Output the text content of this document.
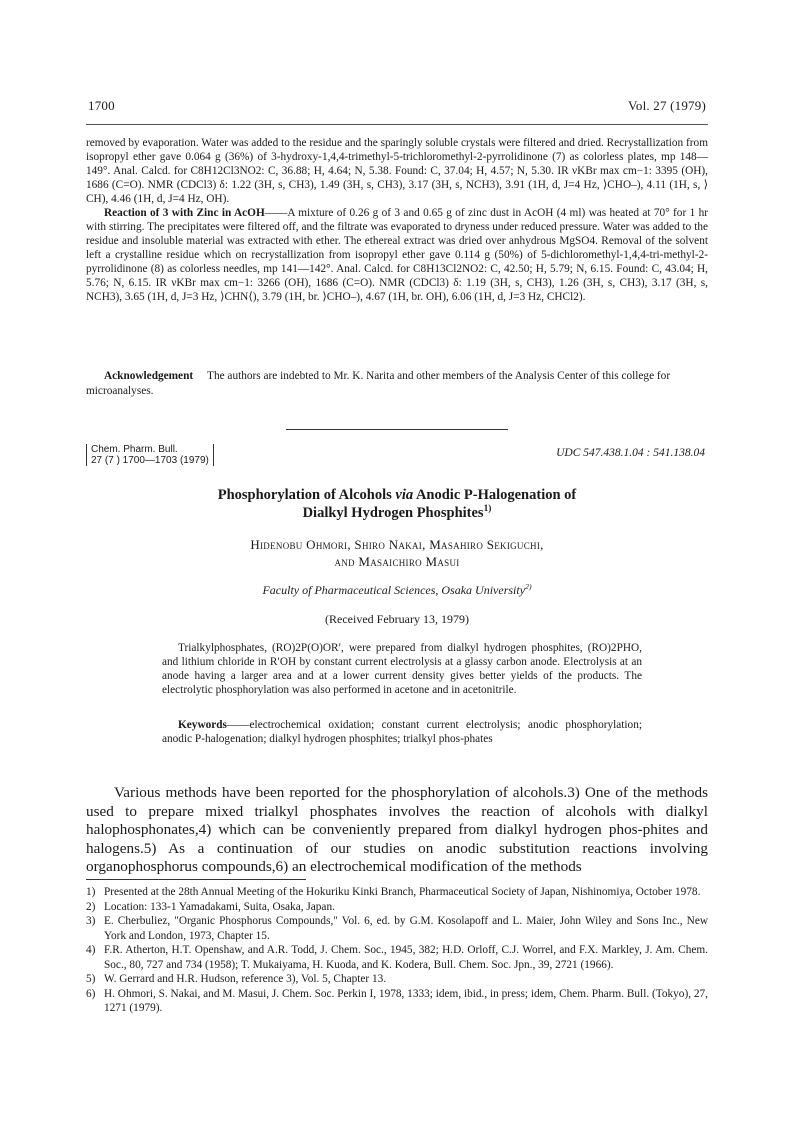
1700	Vol. 27 (1979)

removed by evaporation. Water was added to the residue and the sparingly soluble crystals were filtered and dried. Recrystallization from isopropyl ether gave 0.064 g (36%) of 3-hydroxy-1,4,4-trimethyl-5-trichloromethyl-2-pyrrolidinone (7) as colorless plates, mp 148—149°. Anal. Calcd. for C8H12Cl3NO2: C, 36.88; H, 4.64; N, 5.38. Found: C, 37.04; H, 4.57; N, 5.30. IR νKBr max cm−1: 3395 (OH), 1686 (C=O). NMR (CDCl3) δ: 1.22 (3H, s, CH3), 1.49 (3H, s, CH3), 3.17 (3H, s, NCH3), 3.91 (1H, d, J=4 Hz, ⟩CHO–), 4.11 (1H, s, ⟩CH), 4.46 (1H, d, J=4 Hz, OH).

Reaction of 3 with Zinc in AcOH——A mixture of 0.26 g of 3 and 0.65 g of zinc dust in AcOH (4 ml) was heated at 70° for 1 hr with stirring. The precipitates were filtered off, and the filtrate was evaporated to dryness under reduced pressure. Water was added to the residue and insoluble material was extracted with ether. The ethereal extract was dried over anhydrous MgSO4. Removal of the solvent left a crystalline residue which on recrystallization from isopropyl ether gave 0.114 g (50%) of 5-dichloromethyl-1,4,4-tri-methyl-2-pyrrolidinone (8) as colorless needles, mp 141—142°. Anal. Calcd. for C8H13Cl2NO2: C, 42.50; H, 5.79; N, 6.15. Found: C, 43.04; H, 5.76; N, 6.15. IR νKBr max cm−1: 3266 (OH), 1686 (C=O). NMR (CDCl3) δ: 1.19 (3H, s, CH3), 1.26 (3H, s, CH3), 3.17 (3H, s, NCH3), 3.65 (1H, d, J=3 Hz, ⟩CHN⟨), 3.79 (1H, br. ⟩CHO–), 4.67 (1H, br. OH), 6.06 (1H, d, J=3 Hz, CHCl2).

Acknowledgement The authors are indebted to Mr. K. Narita and other members of the Analysis Center of this college for microanalyses.

Chem. Pharm. Bull.
27 (7 ) 1700—1703 (1979)
UDC 547.438.1.04 : 541.138.04
Phosphorylation of Alcohols via Anodic P-Halogenation of
Dialkyl Hydrogen Phosphites$^{1)}$
Hidenobu Ohmori, Shiro Nakai, Masahiro Sekiguchi,
and Masaichiro Masui
Faculty of Pharmaceutical Sciences, Osaka University$^{2)}$
(Received February 13, 1979)

Trialkylphosphates, (RO)2P(O)OR′, were prepared from dialkyl hydrogen phosphites, (RO)2PHO, and lithium chloride in R′OH by constant current electrolysis at a glassy carbon anode. Electrolysis at an anode having a larger area and at a lower current density gives better yields of the products. The electrolytic phosphorylation was also performed in acetone and in acetonitrile.

Keywords——electrochemical oxidation; constant current electrolysis; anodic phosphorylation; anodic P-halogenation; dialkyl hydrogen phosphites; trialkyl phos-phates

Various methods have been reported for the phosphorylation of alcohols.3) One of the methods used to prepare mixed trialkyl phosphates involves the reaction of alcohols with dialkyl halophosphonates,4) which can be conveniently prepared from dialkyl hydrogen phos-phites and halogens.5) As a continuation of our studies on anodic substitution reactions involving organophosphorus compounds,6) an electrochemical modification of the methods

1) Presented at the 28th Annual Meeting of the Hokuriku Kinki Branch, Pharmaceutical Society of Japan, Nishinomiya, October 1978.
2) Location: 133-1 Yamadakami, Suita, Osaka, Japan.
3) E. Cherbuliez, "Organic Phosphorus Compounds," Vol. 6, ed. by G.M. Kosolapoff and L. Maier, John Wiley and Sons Inc., New York and London, 1973, Chapter 15.
4) F.R. Atherton, H.T. Openshaw, and A.R. Todd, J. Chem. Soc., 1945, 382; H.D. Orloff, C.J. Worrel, and F.X. Markley, J. Am. Chem. Soc., 80, 727 and 734 (1958); T. Mukaiyama, H. Kuoda, and K. Kodera, Bull. Chem. Soc. Jpn., 39, 2721 (1966).
5) W. Gerrard and H.R. Hudson, reference 3), Vol. 5, Chapter 13.
6) H. Ohmori, S. Nakai, and M. Masui, J. Chem. Soc. Perkin I, 1978, 1333; idem, ibid., in press; idem, Chem. Pharm. Bull. (Tokyo), 27, 1271 (1979).
